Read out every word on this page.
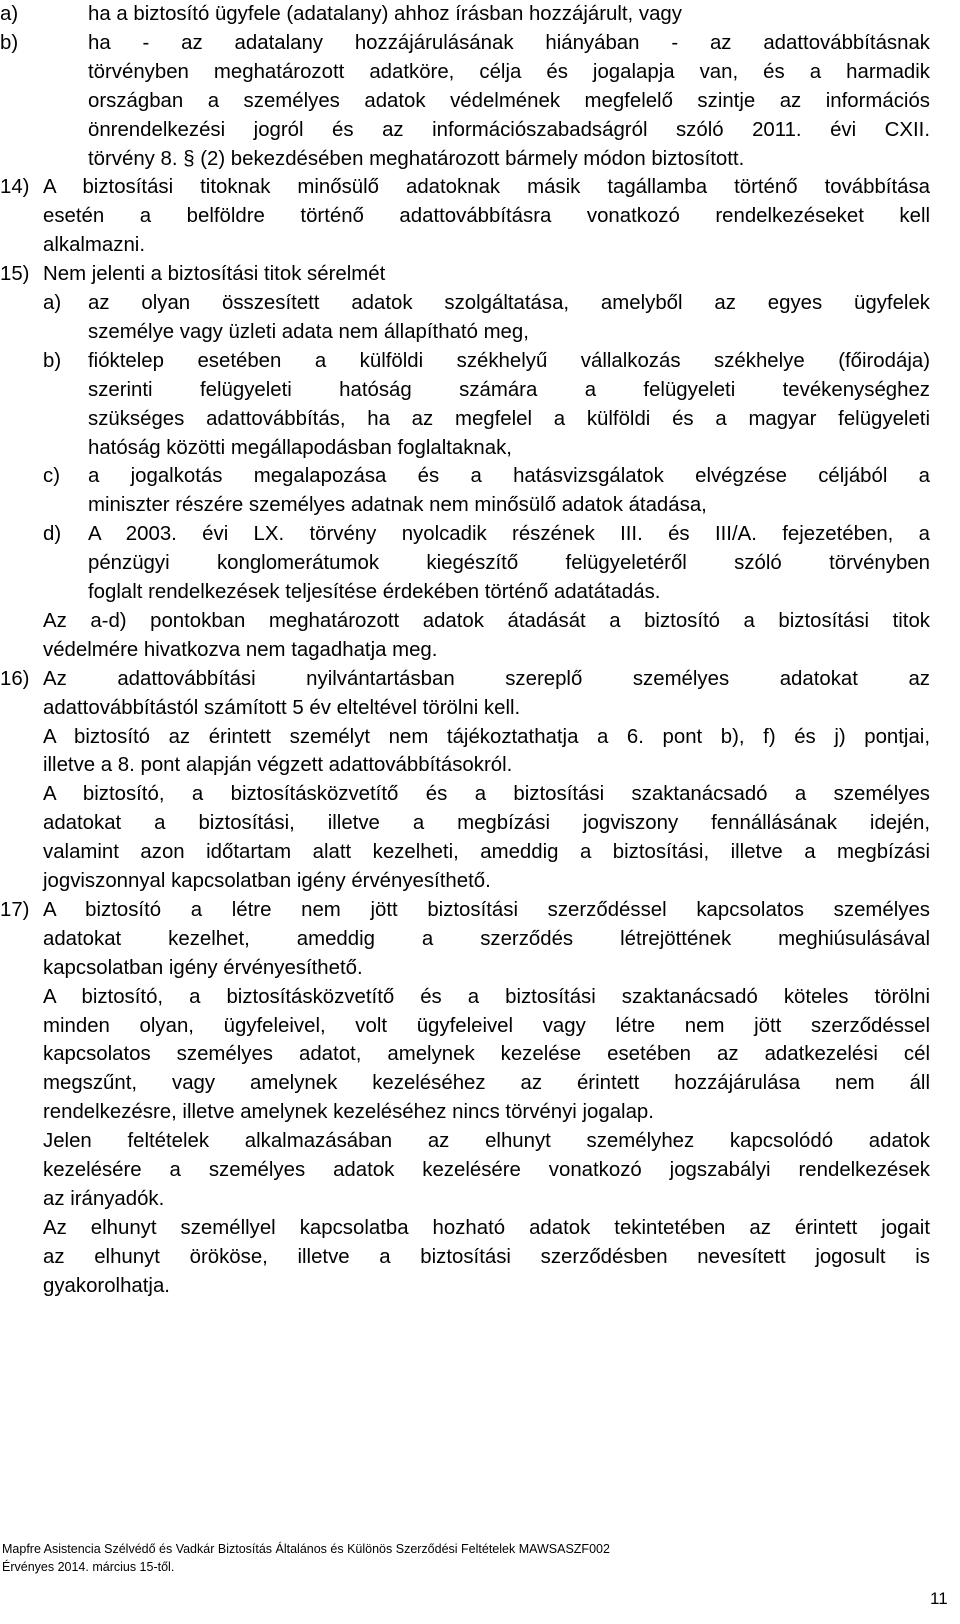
a)	ha a biztosító ügyfele (adatalany) ahhoz írásban hozzájárult, vagy
b)	ha - az adatalany hozzájárulásának hiányában - az adattovábbításnak
törvényben meghatározott adatköre, célja és jogalapja van, és a harmadik
országban a személyes adatok védelmének megfelelő szintje az információs
önrendelkezési jogról és az információszabadságról szóló 2011. évi CXII.
törvény 8. § (2) bekezdésében meghatározott bármely módon biztosított.
14) A biztosítási titoknak minősülő adatoknak másik tagállamba történő továbbítása
esetén a belföldre történő adattovábbításra vonatkozó rendelkezéseket kell
alkalmazni.
15) Nem jelenti a biztosítási titok sérelmét
a) az olyan összesített adatok szolgáltatása, amelyből az egyes ügyfelek
személye vagy üzleti adata nem állapítható meg,
b) fióktelep esetében a külföldi székhelyű vállalkozás székhelye (főirodája)
szerinti felügyeleti hatóság számára a felügyeleti tevékenységhez
szükséges adattovábbítás, ha az megfelel a külföldi és a magyar felügyeleti
hatóság közötti megállapodásban foglaltaknak,
c) a jogalkotás megalapozása és a hatásvizsgálatok elvégzése céljából a
miniszter részére személyes adatnak nem minősülő adatok átadása,
d) A 2003. évi LX. törvény nyolcadik részének III. és III/A. fejezetében, a
pénzügyi konglomerátumok kiegészítő felügyeletéről szóló törvényben
foglalt rendelkezések teljesítése érdekében történő adatátadás.
Az a-d) pontokban meghatározott adatok átadását a biztosító a biztosítási titok
védelmére hivatkozva nem tagadhatja meg.
16) Az adattovábbítási nyilvántartásban szereplő személyes adatokat az
adattovábbítástól számított 5 év elteltével törölni kell.
A biztosító az érintett személyt nem tájékoztathatja a 6. pont b), f) és j) pontjai,
illetve a 8. pont alapján végzett adattovábbításokról.
A biztosító, a biztosításközvetítő és a biztosítási szaktanácsadó a személyes
adatokat a biztosítási, illetve a megbízási jogviszony fennállásának idején,
valamint azon időtartam alatt kezelheti, ameddig a biztosítási, illetve a megbízási
jogviszonnyal kapcsolatban igény érvényesíthető.
17) A biztosító a létre nem jött biztosítási szerződéssel kapcsolatos személyes
adatokat kezelhet, ameddig a szerződés létrejöttének meghiúsulásával
kapcsolatban igény érvényesíthető.
A biztosító, a biztosításközvetítő és a biztosítási szaktanácsadó köteles törölni
minden olyan, ügyfeleivel, volt ügyfeleivel vagy létre nem jött szerződéssel
kapcsolatos személyes adatot, amelynek kezelése esetében az adatkezelési cél
megszűnt, vagy amelynek kezeléséhez az érintett hozzájárulása nem áll
rendelkezésre, illetve amelynek kezeléséhez nincs törvényi jogalap.
Jelen feltételek alkalmazásában az elhunyt személyhez kapcsolódó adatok
kezelésére a személyes adatok kezelésére vonatkozó jogszabályi rendelkezések
az irányadók.
Az elhunyt személlyel kapcsolatba hozható adatok tekintetében az érintett jogait
az elhunyt örököse, illetve a biztosítási szerződésben nevesített jogosult is
gyakorolhatja.
Mapfre Asistencia Szélvédő és Vadkár Biztosítás Általános és Különös Szerződési Feltételek MAWSASZF002
Érvényes 2014. március 15-től.
11
